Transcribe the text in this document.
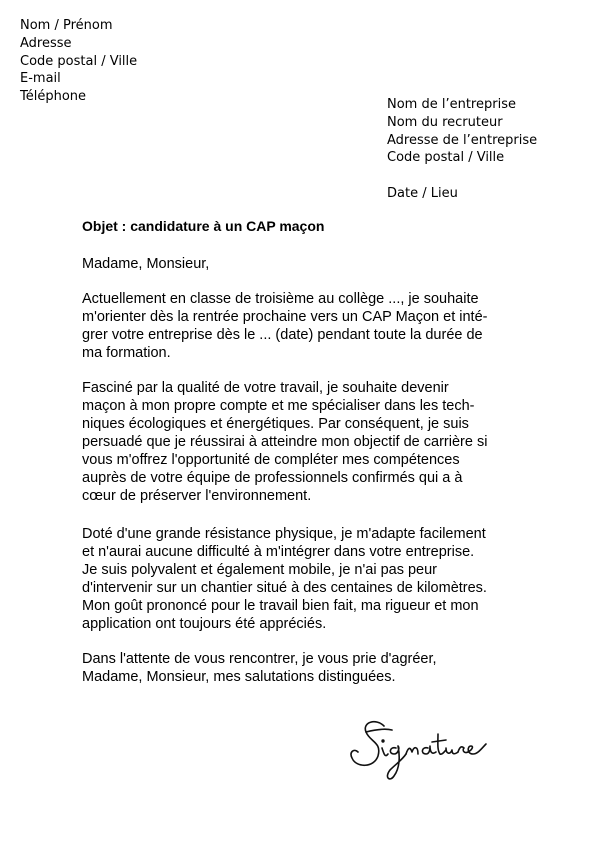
Nom / Prénom
Adresse
Code postal / Ville
E-mail
Téléphone
Nom de l’entreprise
Nom du recruteur
Adresse de l’entreprise
Code postal / Ville
Date / Lieu
Objet : candidature à un CAP maçon
Madame, Monsieur,
Actuellement en classe de troisième au collège ..., je souhaite
m'orienter dès la rentrée prochaine vers un CAP Maçon et inté-
grer votre entreprise dès le ... (date) pendant toute la durée de
ma formation.
Fasciné par la qualité de votre travail, je souhaite devenir
maçon à mon propre compte et me spécialiser dans les tech-
niques écologiques et énergétiques. Par conséquent, je suis
persuadé que je réussirai à atteindre mon objectif de carrière si
vous m'offrez l'opportunité de compléter mes compétences
auprès de votre équipe de professionnels confirmés qui a à
cœur de préserver l'environnement.
Doté d'une grande résistance physique, je m'adapte facilement
et n'aurai aucune difficulté à m'intégrer dans votre entreprise.
Je suis polyvalent et également mobile, je n'ai pas peur
d'intervenir sur un chantier situé à des centaines de kilomètres.
Mon goût prononcé pour le travail bien fait, ma rigueur et mon
application ont toujours été appréciés.
Dans l'attente de vous rencontrer, je vous prie d'agréer,
Madame, Monsieur, mes salutations distinguées.
